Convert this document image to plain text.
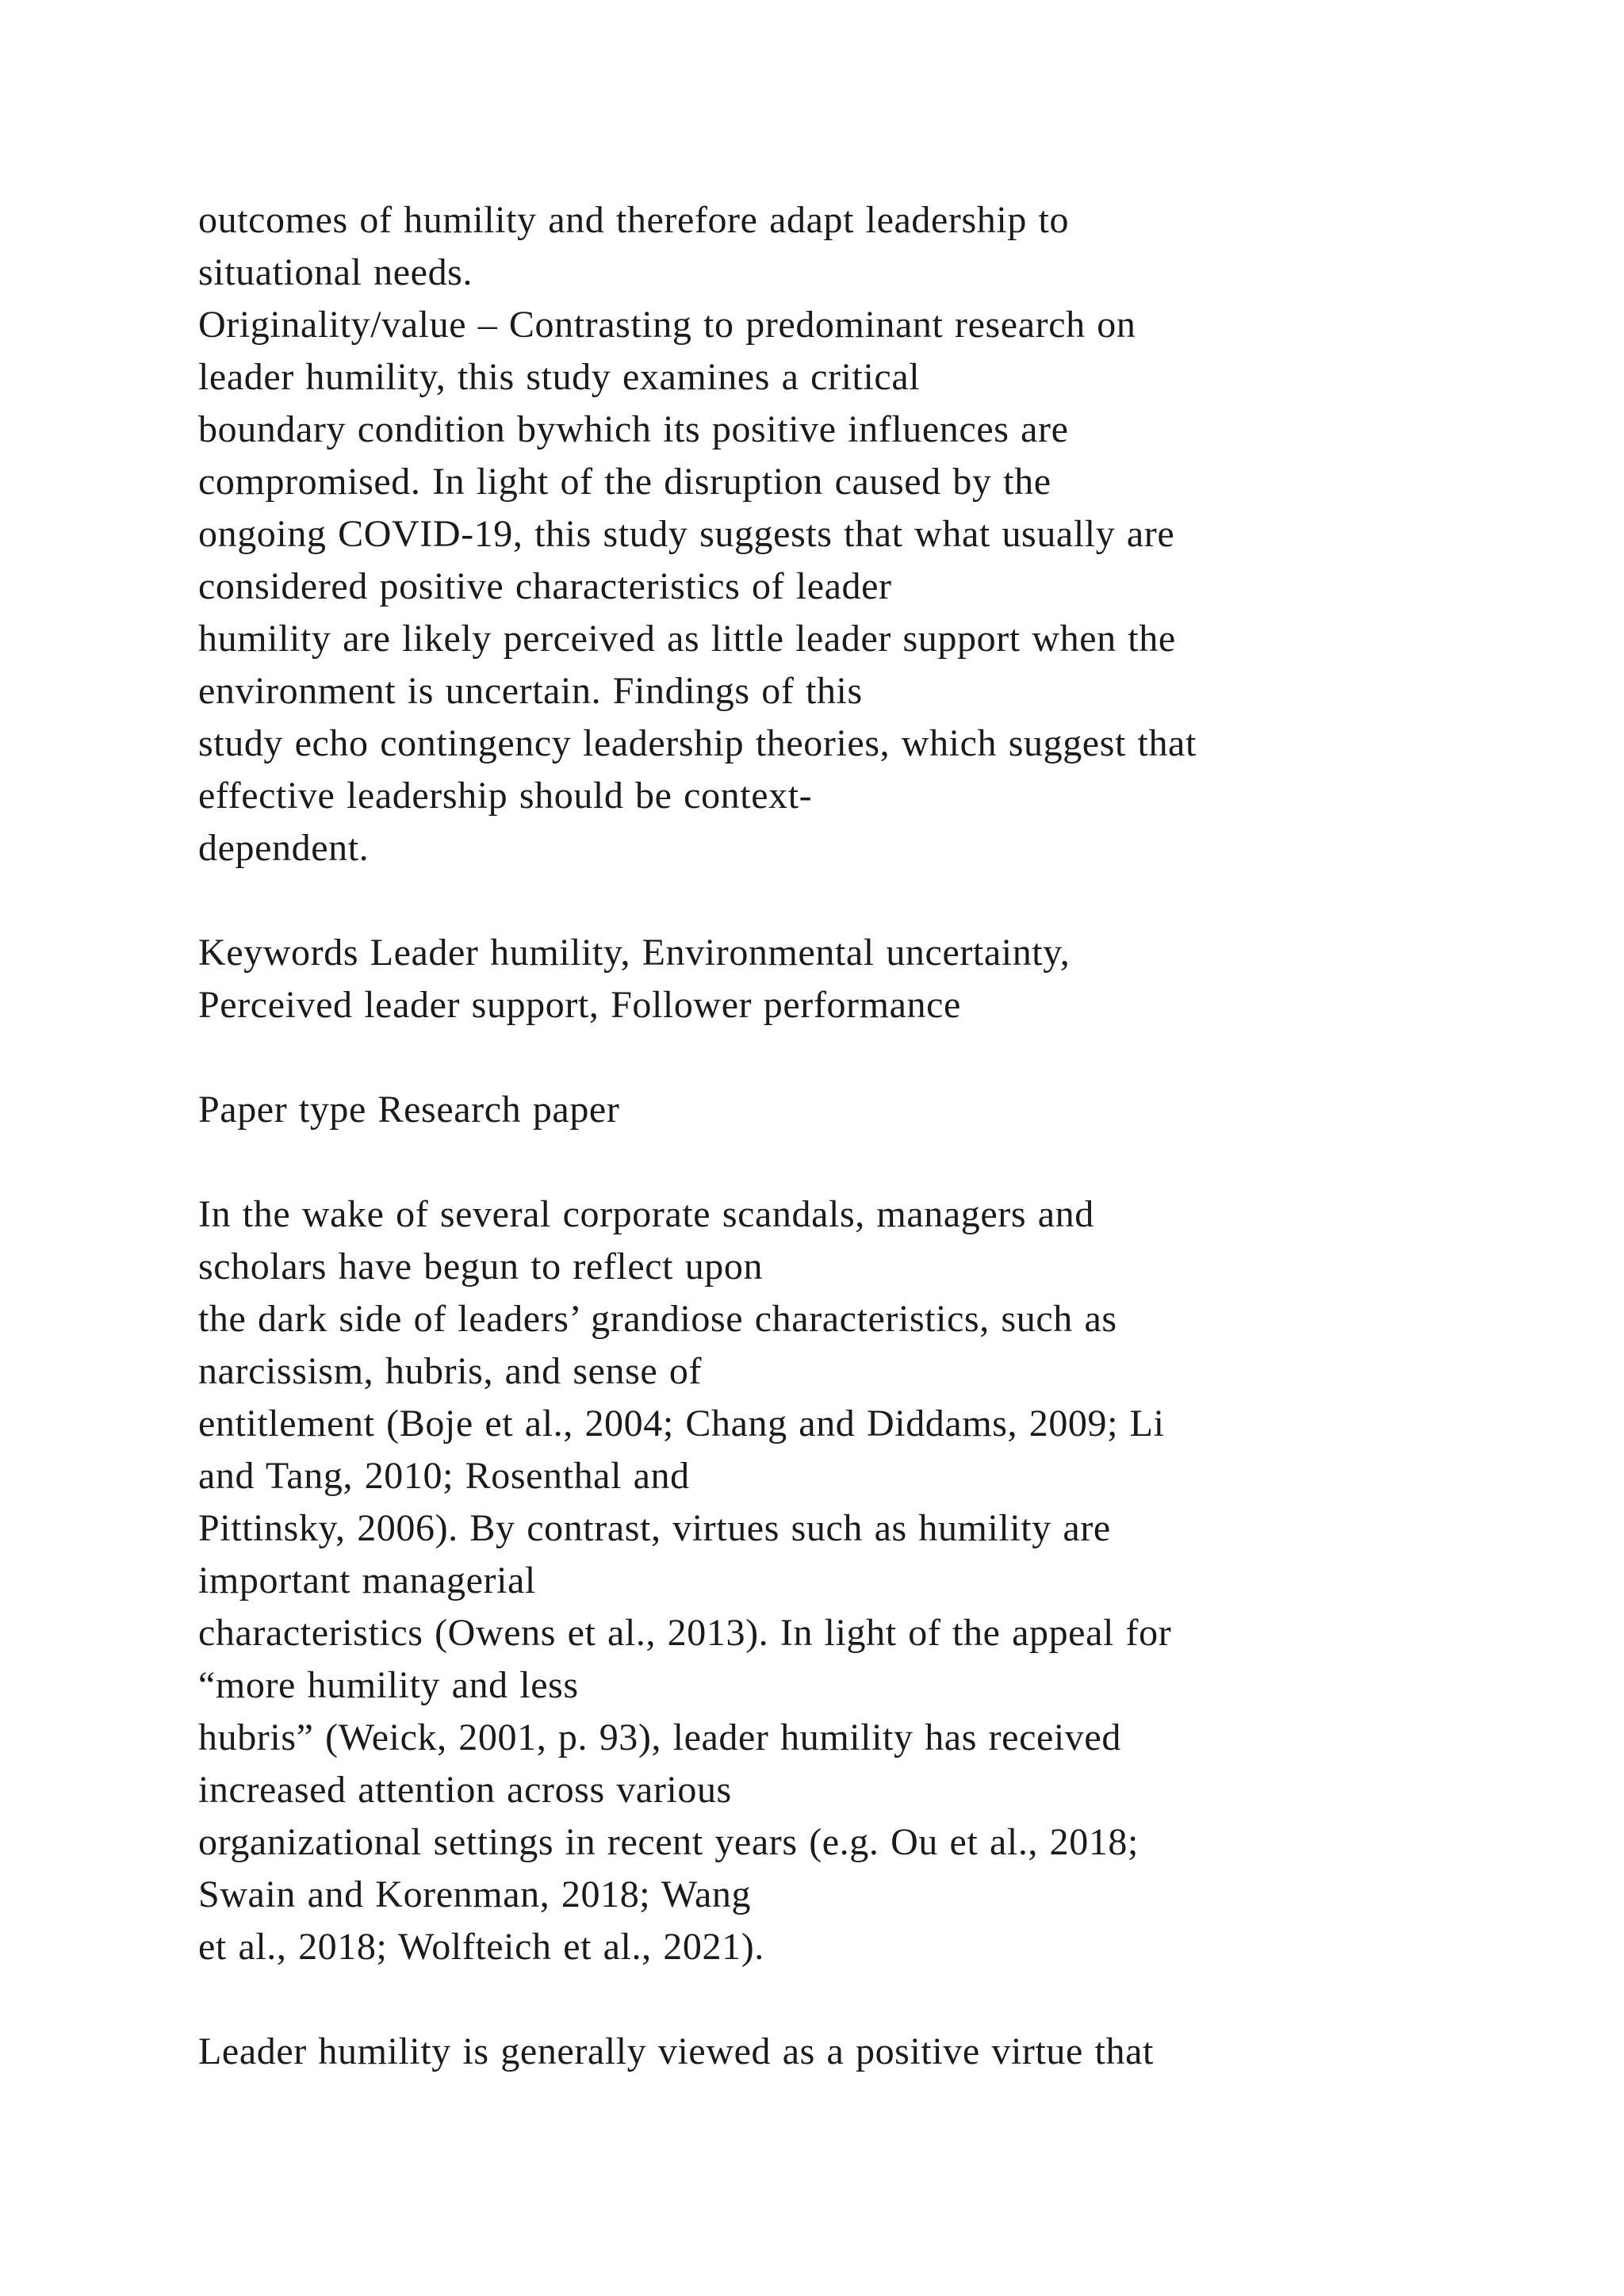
outcomes of humility and therefore adapt leadership to
situational needs.
Originality/value – Contrasting to predominant research on
leader humility, this study examines a critical
boundary condition bywhich its positive influences are
compromised. In light of the disruption caused by the
ongoing COVID-19, this study suggests that what usually are
considered positive characteristics of leader
humility are likely perceived as little leader support when the
environment is uncertain. Findings of this
study echo contingency leadership theories, which suggest that
effective leadership should be context-
dependent.
Keywords Leader humility, Environmental uncertainty,
Perceived leader support, Follower performance
Paper type Research paper
In the wake of several corporate scandals, managers and
scholars have begun to reflect upon
the dark side of leaders’ grandiose characteristics, such as
narcissism, hubris, and sense of
entitlement (Boje et al., 2004; Chang and Diddams, 2009; Li
and Tang, 2010; Rosenthal and
Pittinsky, 2006). By contrast, virtues such as humility are
important managerial
characteristics (Owens et al., 2013). In light of the appeal for
“more humility and less
hubris” (Weick, 2001, p. 93), leader humility has received
increased attention across various
organizational settings in recent years (e.g. Ou et al., 2018;
Swain and Korenman, 2018; Wang
et al., 2018; Wolfteich et al., 2021).
Leader humility is generally viewed as a positive virtue that
